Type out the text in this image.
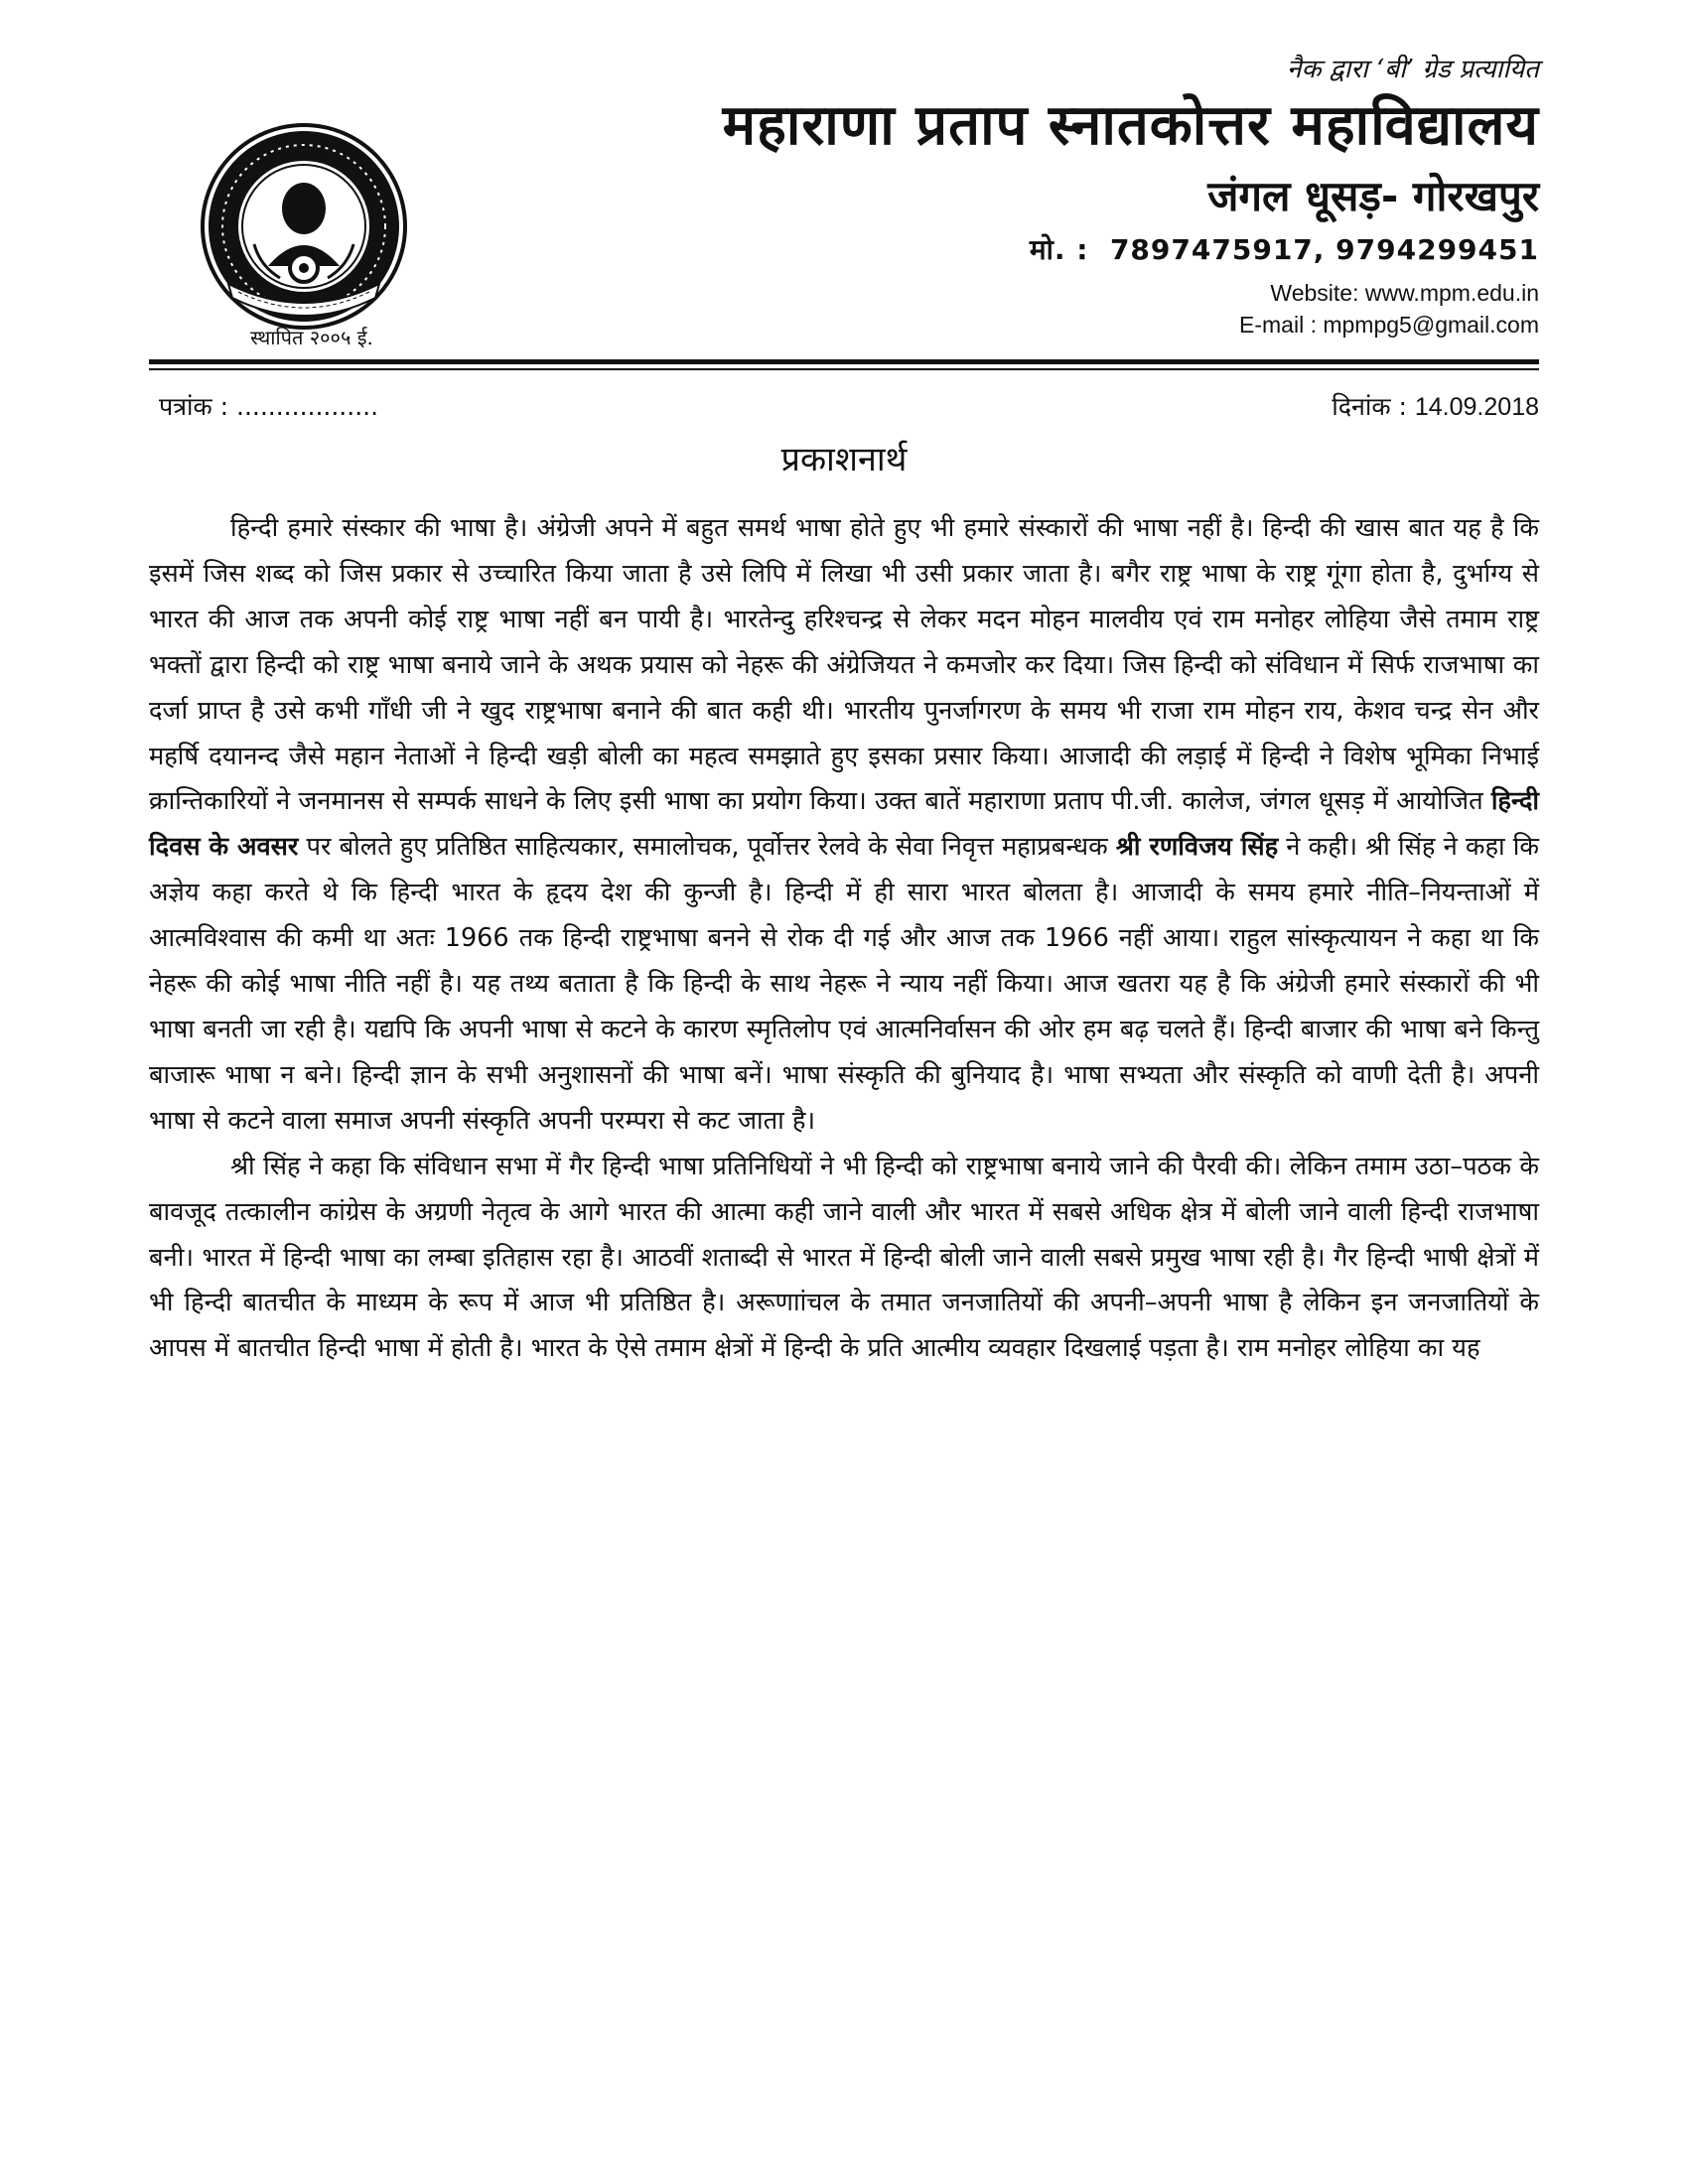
स्थापित २००५ ई.
नैक द्वारा ‘बी’ ग्रेड प्रत्यायित
महाराणा प्रताप स्नातकोत्तर महाविद्यालय
जंगल धूसड़- गोरखपुर
मो. : 7897475917, 9794299451
Website: www.mpm.edu.in
E-mail : mpmpg5@gmail.com
पत्रांक : ..................	दिनांक : 14.09.2018
प्रकाशनार्थ

हिन्दी हमारे संस्कार की भाषा है। अंग्रेजी अपने में बहुत समर्थ भाषा होते हुए भी हमारे संस्कारों की भाषा नहीं है। हिन्दी की खास बात यह है कि इसमें जिस शब्द को जिस प्रकार से उच्चारित किया जाता है उसे लिपि में लिखा भी उसी प्रकार जाता है। बगैर राष्ट्र भाषा के राष्ट्र गूंगा होता है, दुर्भाग्य से भारत की आज तक अपनी कोई राष्ट्र भाषा नहीं बन पायी है। भारतेन्दु हरिश्चन्द्र से लेकर मदन मोहन मालवीय एवं राम मनोहर लोहिया जैसे तमाम राष्ट्र भक्तों द्वारा हिन्दी को राष्ट्र भाषा बनाये जाने के अथक प्रयास को नेहरू की अंग्रेजियत ने कमजोर कर दिया। जिस हिन्दी को संविधान में सिर्फ राजभाषा का दर्जा प्राप्त है उसे कभी गाँधी जी ने खुद राष्ट्रभाषा बनाने की बात कही थी। भारतीय पुनर्जागरण के समय भी राजा राम मोहन राय, केशव चन्द्र सेन और महर्षि दयानन्द जैसे महान नेताओं ने हिन्दी खड़ी बोली का महत्व समझाते हुए इसका प्रसार किया। आजादी की लड़ाई में हिन्दी ने विशेष भूमिका निभाई क्रान्तिकारियों ने जनमानस से सम्पर्क साधने के लिए इसी भाषा का प्रयोग किया। उक्त बातें महाराणा प्रताप पी.जी. कालेज, जंगल धूसड़ में आयोजित हिन्दी दिवस के अवसर पर बोलते हुए प्रतिष्ठित साहित्यकार, समालोचक, पूर्वोत्तर रेलवे के सेवा निवृत्त महाप्रबन्धक श्री रणविजय सिंह ने कही। श्री सिंह ने कहा कि अज्ञेय कहा करते थे कि हिन्दी भारत के हृदय देश की कुन्जी है। हिन्दी में ही सारा भारत बोलता है। आजादी के समय हमारे नीति–नियन्ताओं में आत्मविश्वास की कमी था अतः 1966 तक हिन्दी राष्ट्रभाषा बनने से रोक दी गई और आज तक 1966 नहीं आया। राहुल सांस्कृत्यायन ने कहा था कि नेहरू की कोई भाषा नीति नहीं है। यह तथ्य बताता है कि हिन्दी के साथ नेहरू ने न्याय नहीं किया। आज खतरा यह है कि अंग्रेजी हमारे संस्कारों की भी भाषा बनती जा रही है। यद्यपि कि अपनी भाषा से कटने के कारण स्मृतिलोप एवं आत्मनिर्वासन की ओर हम बढ़ चलते हैं। हिन्दी बाजार की भाषा बने किन्तु बाजारू भाषा न बने। हिन्दी ज्ञान के सभी अनुशासनों की भाषा बनें। भाषा संस्कृति की बुनियाद है। भाषा सभ्यता और संस्कृति को वाणी देती है। अपनी भाषा से कटने वाला समाज अपनी संस्कृति अपनी परम्परा से कट जाता है।

श्री सिंह ने कहा कि संविधान सभा में गैर हिन्दी भाषा प्रतिनिधियों ने भी हिन्दी को राष्ट्रभाषा बनाये जाने की पैरवी की। लेकिन तमाम उठा–पठक के बावजूद तत्कालीन कांग्रेस के अग्रणी नेतृत्व के आगे भारत की आत्मा कही जाने वाली और भारत में सबसे अधिक क्षेत्र में बोली जाने वाली हिन्दी राजभाषा बनी। भारत में हिन्दी भाषा का लम्बा इतिहास रहा है। आठवीं शताब्दी से भारत में हिन्दी बोली जाने वाली सबसे प्रमुख भाषा रही है। गैर हिन्दी भाषी क्षेत्रों में भी हिन्दी बातचीत के माध्यम के रूप में आज भी प्रतिष्ठित है। अरूणाांचल के तमात जनजातियों की अपनी–अपनी भाषा है लेकिन इन जनजातियों के आपस में बातचीत हिन्दी भाषा में होती है। भारत के ऐसे तमाम क्षेत्रों में हिन्दी के प्रति आत्मीय व्यवहार दिखलाई पड़ता है। राम मनोहर लोहिया का यह
